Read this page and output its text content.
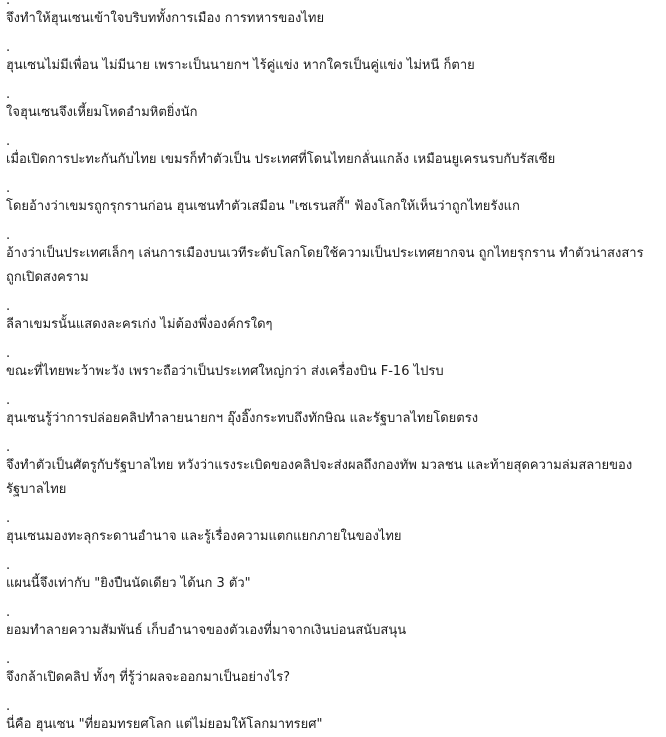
.
จึงทำให้ฮุนเซนเข้าใจบริบททั้งการเมือง การทหารของไทย
.
ฮุนเซนไม่มีเพื่อน ไม่มีนาย เพราะเป็นนายกฯ ไร้คู่แข่ง หากใครเป็นคู่แข่ง ไม่หนี ก็ตาย
.
ใจฮุนเซนจึงเหี้ยมโหดอำมหิตยิ่งนัก
.
เมื่อเปิดการปะทะกันกับไทย เขมรก็ทำตัวเป็น ประเทศที่โดนไทยกลั่นแกล้ง เหมือนยูเครนรบกับรัสเซีย
.
โดยอ้างว่าเขมรถูกรุกรานก่อน ฮุนเซนทำตัวเสมือน "เซเรนสกี้" ฟ้องโลกให้เห็นว่าถูกไทยรังแก
.
อ้างว่าเป็นประเทศเล็กๆ เล่นการเมืองบนเวทีระดับโลกโดยใช้ความเป็นประเทศยากจน ถูกไทยรุกราน ทำตัวน่าสงสารถูกเปิดสงคราม
.
ลีลาเขมรนั้นแสดงละครเก่ง ไม่ต้องพึ่งองค์กรใดๆ
.
ขณะที่ไทยพะว้าพะวัง เพราะถือว่าเป็นประเทศใหญ่กว่า ส่งเครื่องบิน F-16 ไปรบ
.
ฮุนเซนรู้ว่าการปล่อยคลิปทำลายนายกฯ อุ๊งอิ๊งกระทบถึงทักษิณ และรัฐบาลไทยโดยตรง
.
จึงทำตัวเป็นศัตรูกับรัฐบาลไทย หวังว่าแรงระเบิดของคลิปจะส่งผลถึงกองทัพ มวลชน และท้ายสุดความล่มสลายของรัฐบาลไทย
.
ฮุนเซนมองทะลุกระดานอำนาจ และรู้เรื่องความแตกแยกภายในของไทย
.
แผนนี้จึงเท่ากับ "ยิงปืนนัดเดียว ได้นก 3 ตัว"
.
ยอมทำลายความสัมพันธ์ เก็บอำนาจของตัวเองที่มาจากเงินบ่อนสนับสนุน
.
จึงกล้าเปิดคลิป ทั้งๆ ที่รู้ว่าผลจะออกมาเป็นอย่างไร?
.
นี่คือ ฮุนเซน "ที่ยอมทรยศโลก แต่ไม่ยอมให้โลกมาทรยศ"
